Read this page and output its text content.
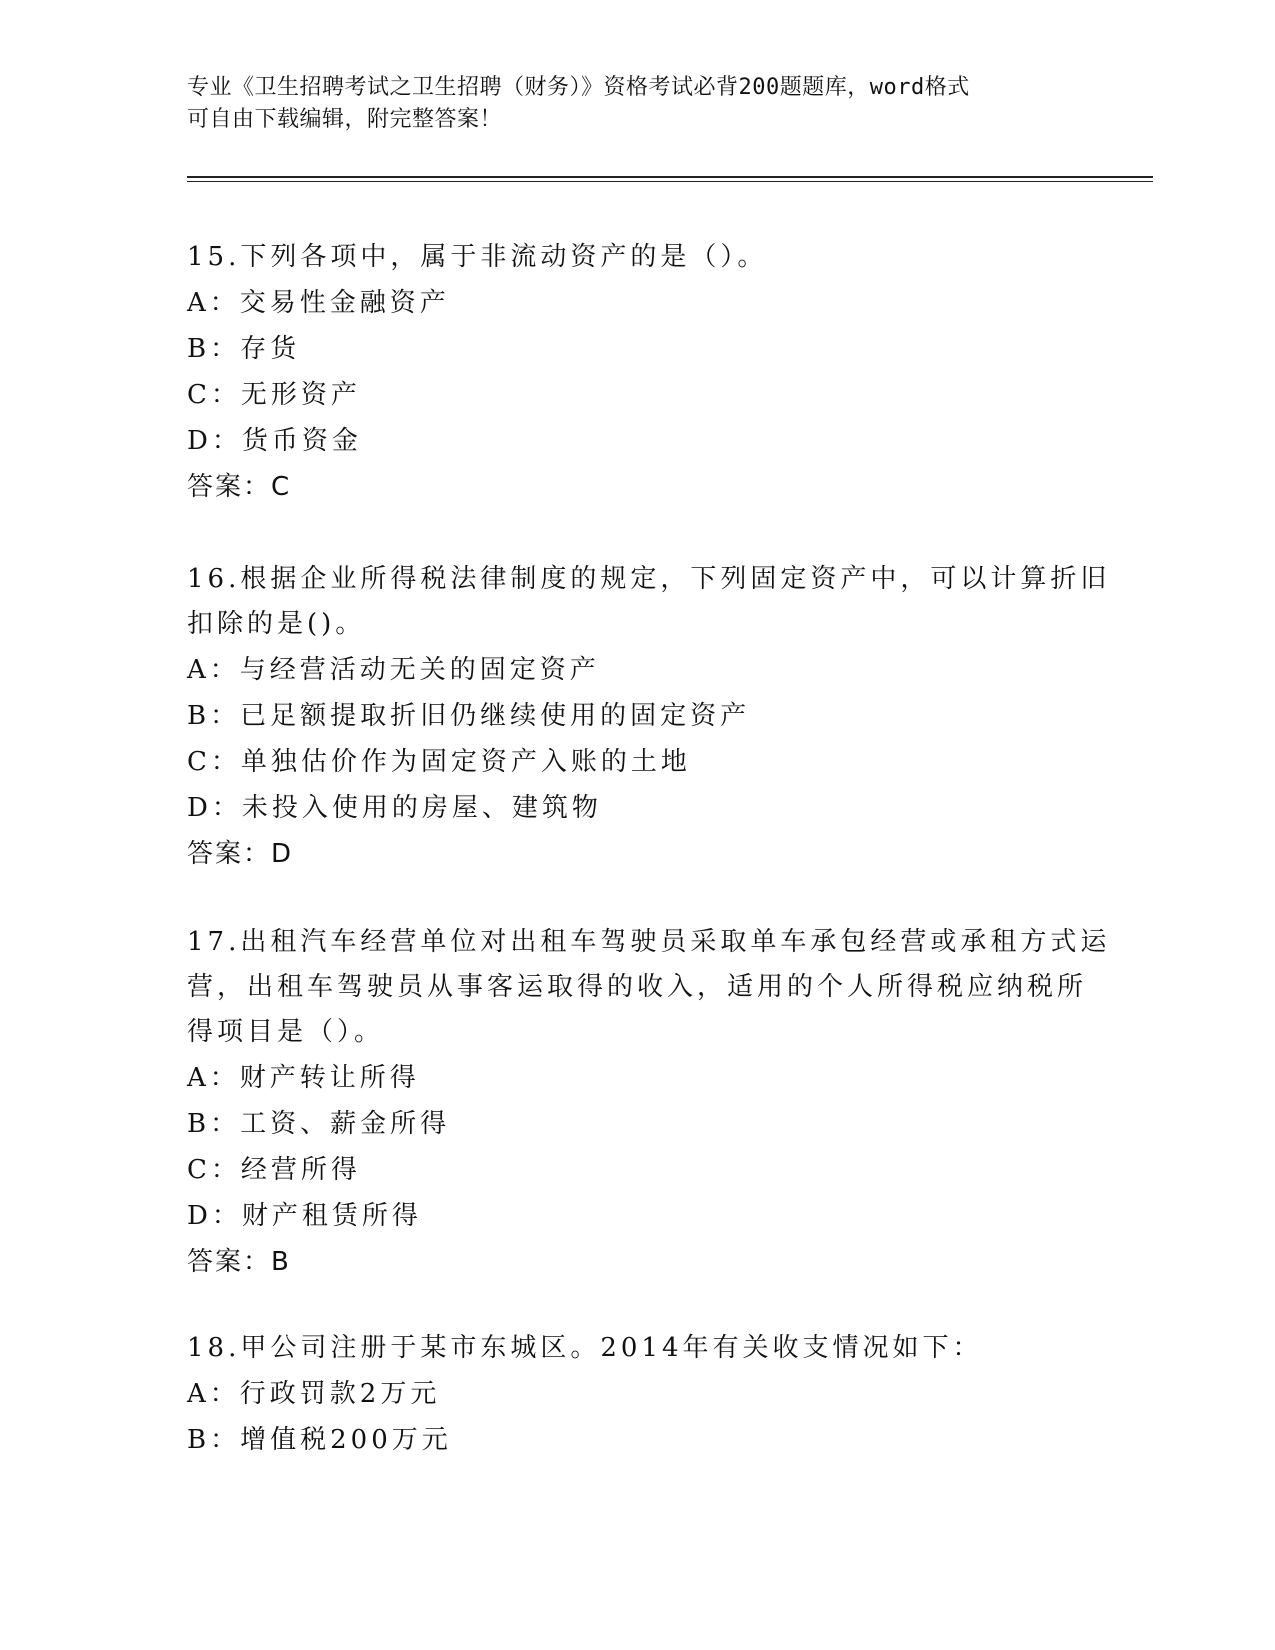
专业《卫生招聘考试之卫生招聘（财务）》资格考试必背200题题库，word格式
可自由下载编辑，附完整答案！
15.下列各项中，属于非流动资产的是（）。
A：交易性金融资产
B：存货
C：无形资产
D：货币资金
答案：C
16.根据企业所得税法律制度的规定，下列固定资产中，可以计算折旧
扣除的是()。
A：与经营活动无关的固定资产
B：已足额提取折旧仍继续使用的固定资产
C：单独估价作为固定资产入账的土地
D：未投入使用的房屋、建筑物
答案：D
17.出租汽车经营单位对出租车驾驶员采取单车承包经营或承租方式运
营，出租车驾驶员从事客运取得的收入，适用的个人所得税应纳税所
得项目是（）。
A：财产转让所得
B：工资、薪金所得
C：经营所得
D：财产租赁所得
答案：B
18.甲公司注册于某市东城区。2014年有关收支情况如下：
A：行政罚款2万元
B：增值税200万元
